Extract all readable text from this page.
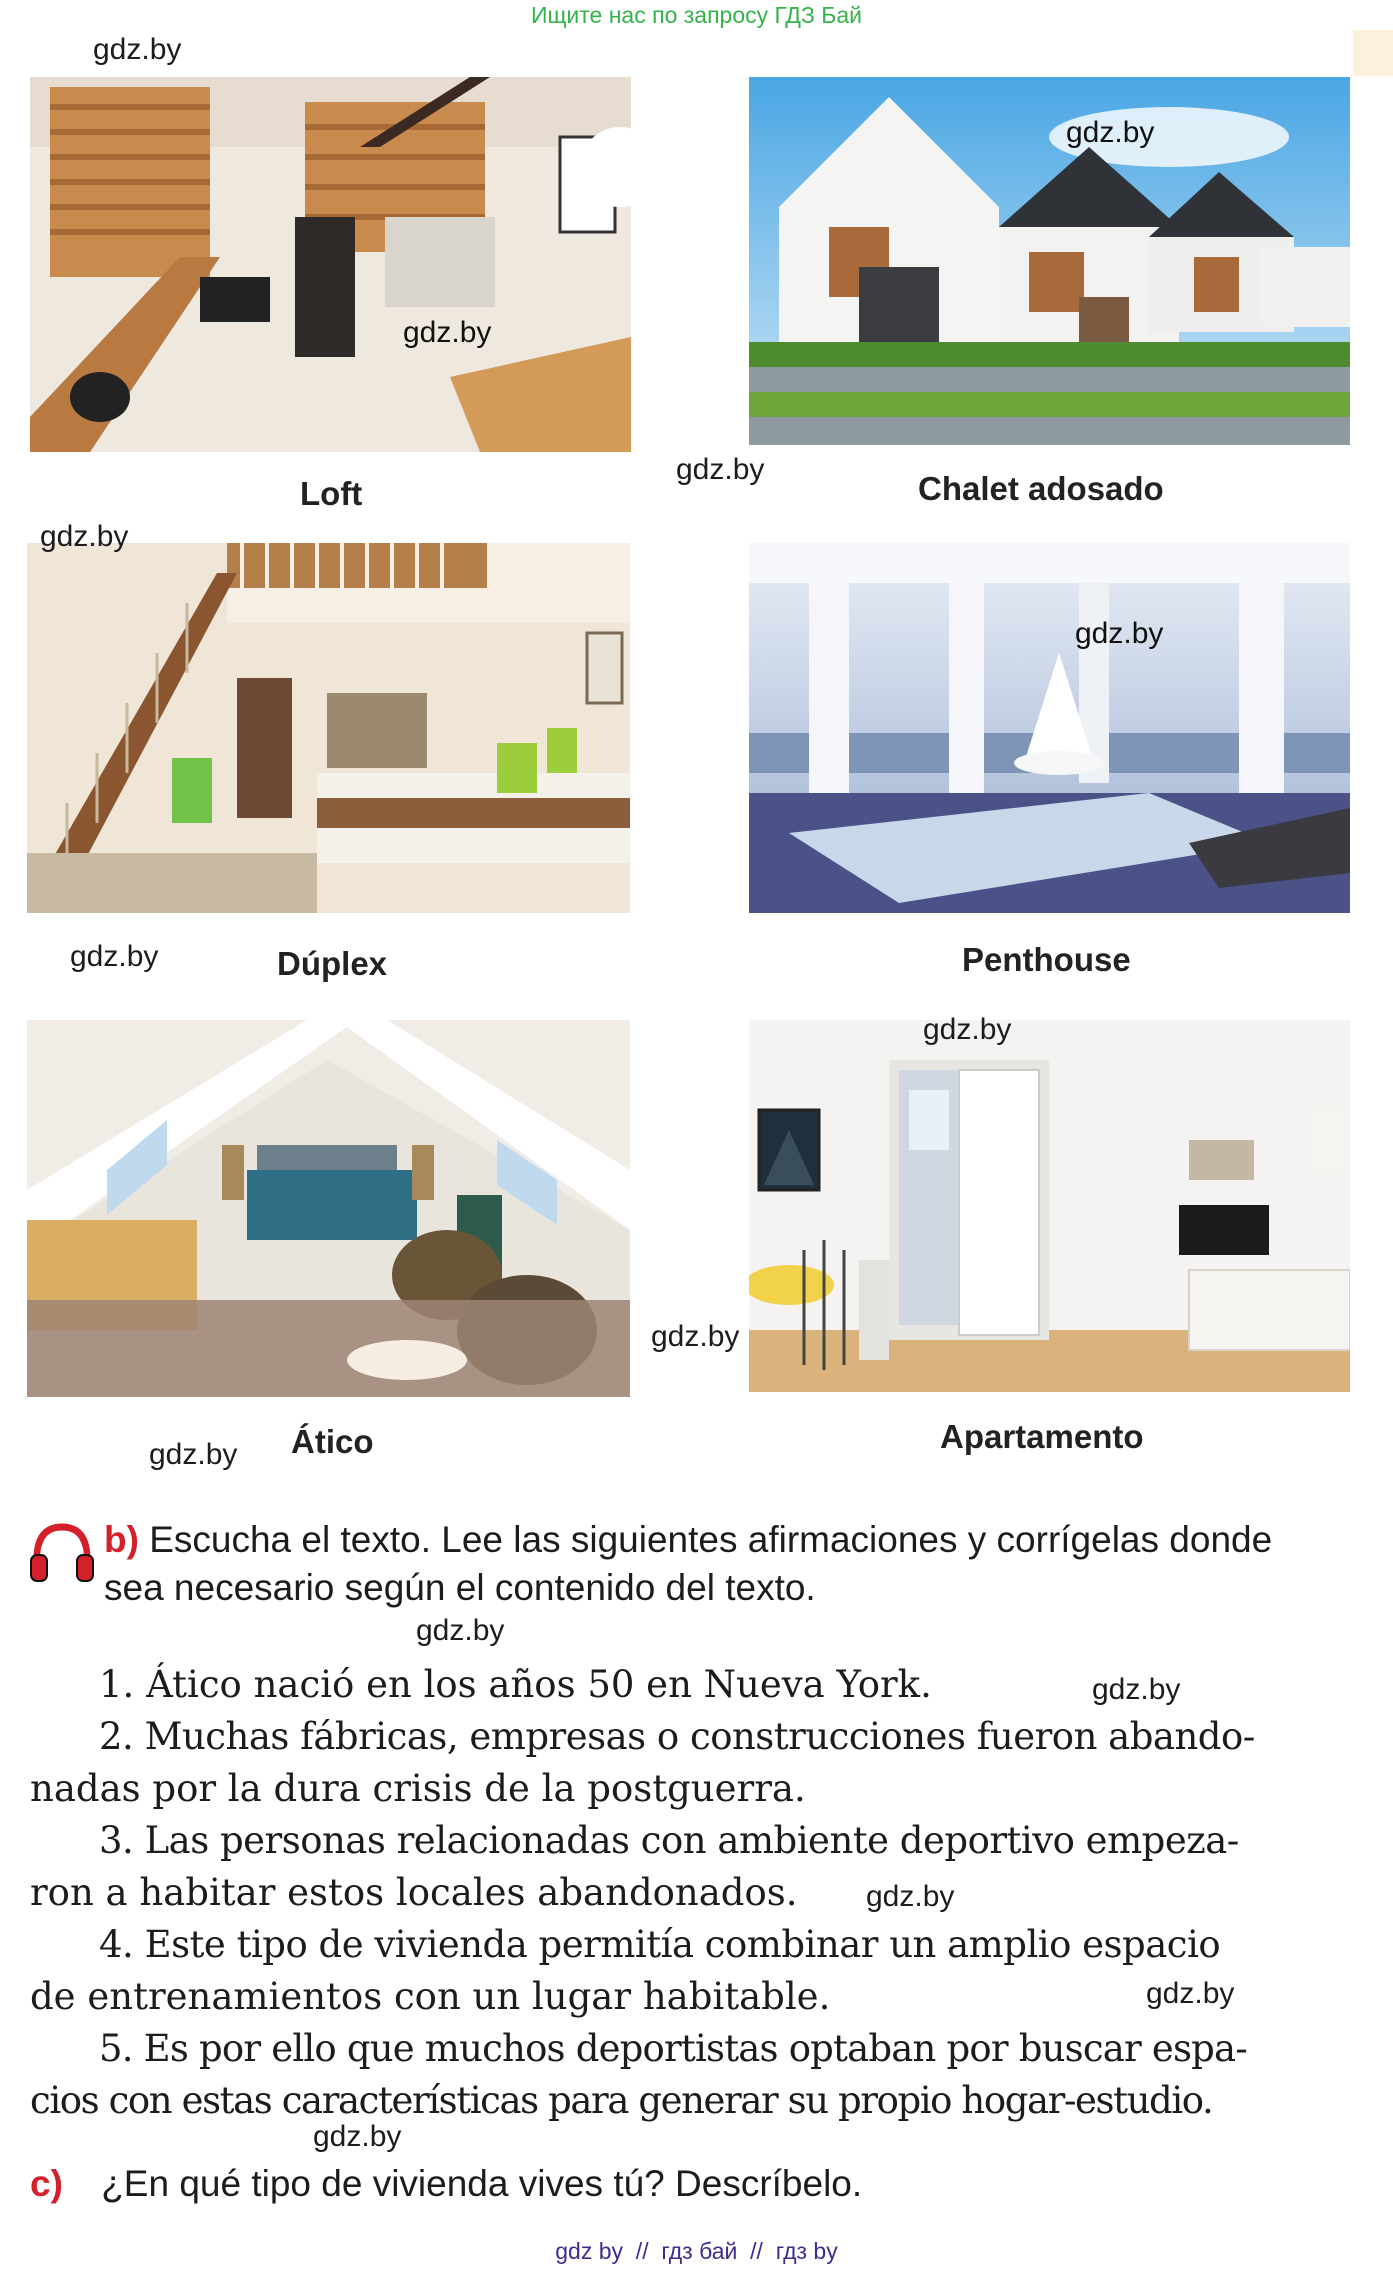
Ищите нас по запросу ГДЗ Бай
gdz.by
gdz.by
gdz.by
gdz.by
gdz.by
gdz.by
gdz.by
gdz.by
gdz.by
gdz.by
Loft	Chalet adosado
Dúplex	Penthouse
Ático	Apartamento
b) Escucha el texto. Lee las siguientes afirmaciones y corrígelas donde
sea necesario según el contenido del texto.
1. Ático nació en los años 50 en Nueva York.
2. Muchas fábricas, empresas o construcciones fueron abando-
nadas por la dura crisis de la postguerra.
3. Las personas relacionadas con ambiente deportivo empeza-
ron a habitar estos locales abandonados.
4. Este tipo de vivienda permitía combinar un amplio espacio
de entrenamientos con un lugar habitable.
5. Es por ello que muchos deportistas optaban por buscar espa-
cios con estas características para generar su propio hogar-estudio.
gdz.by
gdz.by
gdz.by
gdz.by
gdz.by
c) ¿En qué tipo de vivienda vives tú? Descríbelo.
gdz by  //  гдз бай  //  гдз by
